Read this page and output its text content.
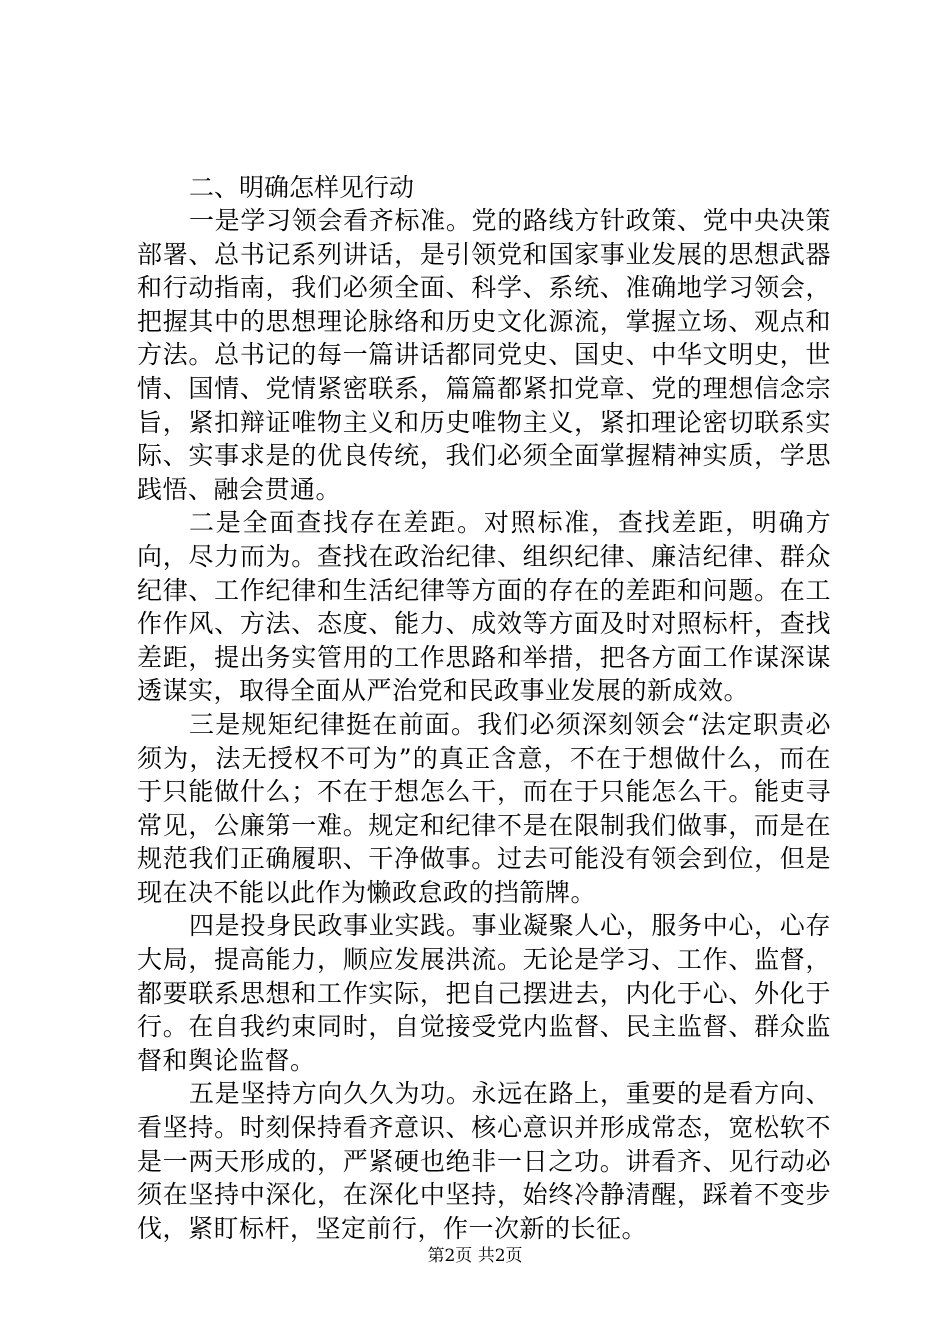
二、明确怎样见行动

一是学习领会看齐标准。党的路线方针政策、党中央决策部署、总书记系列讲话，是引领党和国家事业发展的思想武器和行动指南，我们必须全面、科学、系统、准确地学习领会，把握其中的思想理论脉络和历史文化源流，掌握立场、观点和方法。总书记的每一篇讲话都同党史、国史、中华文明史，世情、国情、党情紧密联系，篇篇都紧扣党章、党的理想信念宗旨，紧扣辩证唯物主义和历史唯物主义，紧扣理论密切联系实际、实事求是的优良传统，我们必须全面掌握精神实质，学思践悟、融会贯通。

二是全面查找存在差距。对照标准，查找差距，明确方向，尽力而为。查找在政治纪律、组织纪律、廉洁纪律、群众纪律、工作纪律和生活纪律等方面的存在的差距和问题。在工作作风、方法、态度、能力、成效等方面及时对照标杆，查找差距，提出务实管用的工作思路和举措，把各方面工作谋深谋透谋实，取得全面从严治党和民政事业发展的新成效。

三是规矩纪律挺在前面。我们必须深刻领会“法定职责必须为，法无授权不可为”的真正含意，不在于想做什么，而在于只能做什么；不在于想怎么干，而在于只能怎么干。能吏寻常见，公廉第一难。规定和纪律不是在限制我们做事，而是在规范我们正确履职、干净做事。过去可能没有领会到位，但是现在决不能以此作为懒政怠政的挡箭牌。

四是投身民政事业实践。事业凝聚人心，服务中心，心存大局，提高能力，顺应发展洪流。无论是学习、工作、监督，都要联系思想和工作实际，把自己摆进去，内化于心、外化于行。在自我约束同时，自觉接受党内监督、民主监督、群众监督和舆论监督。

五是坚持方向久久为功。永远在路上，重要的是看方向、看坚持。时刻保持看齐意识、核心意识并形成常态，宽松软不是一两天形成的，严紧硬也绝非一日之功。讲看齐、见行动必须在坚持中深化，在深化中坚持，始终冷静清醒，踩着不变步伐，紧盯标杆，坚定前行，作一次新的长征。

第2页 共2页
